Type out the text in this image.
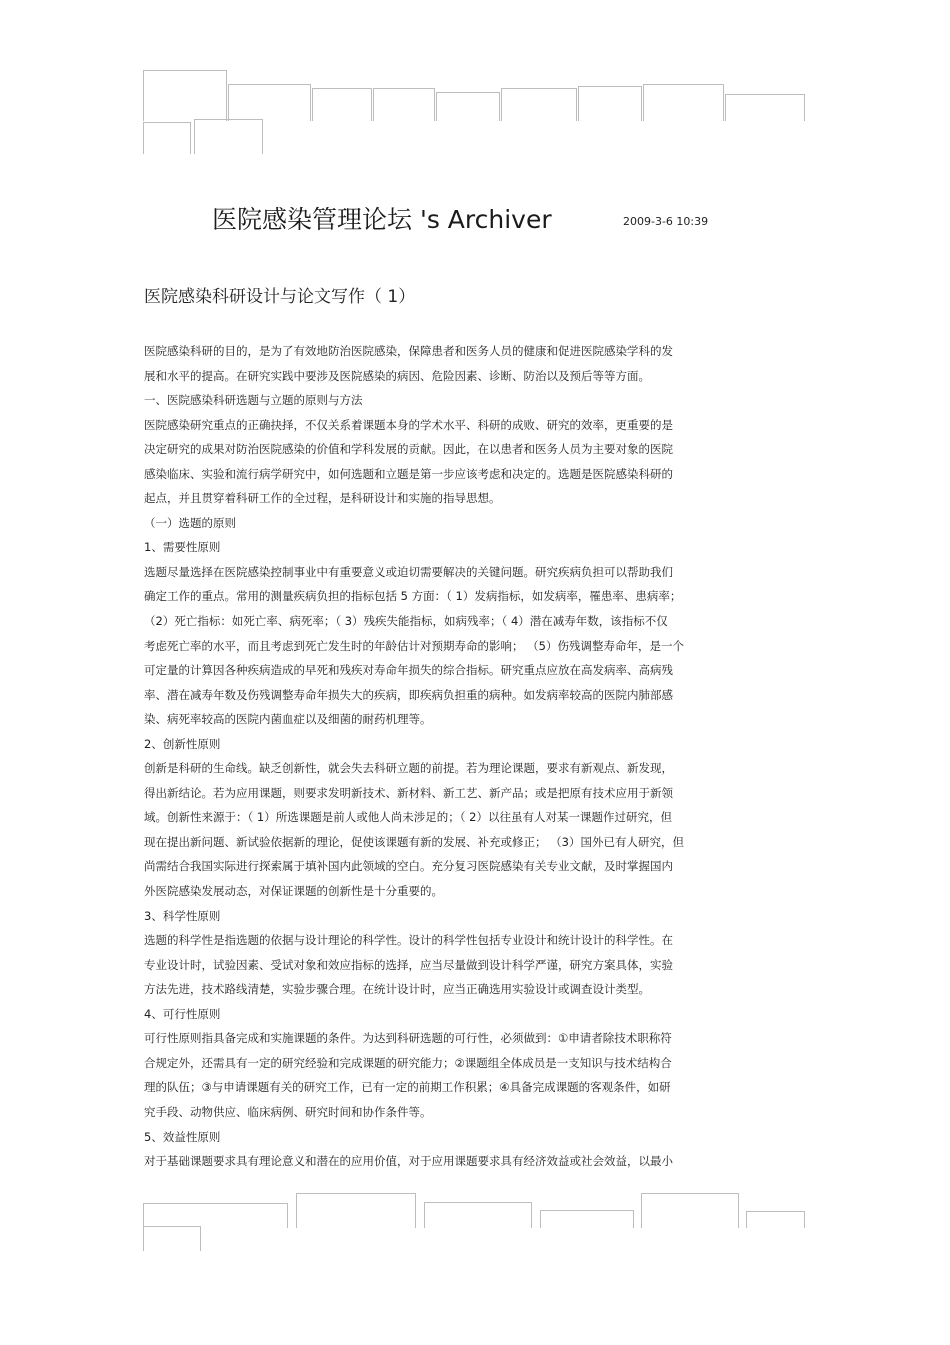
医院感染管理论坛 's Archiver	2009-3-6 10:39
医院感染科研设计与论文写作（ 1）
医院感染科研的目的，是为了有效地防治医院感染，保障患者和医务人员的健康和促进医院感染学科的发
展和水平的提高。在研究实践中要涉及医院感染的病因、危险因素、诊断、防治以及预后等等方面。
一、医院感染科研选题与立题的原则与方法
医院感染研究重点的正确抉择，不仅关系着课题本身的学术水平、科研的成败、研究的效率，更重要的是
决定研究的成果对防治医院感染的价值和学科发展的贡献。因此，在以患者和医务人员为主要对象的医院
感染临床、实验和流行病学研究中，如何选题和立题是第一步应该考虑和决定的。选题是医院感染科研的
起点，并且贯穿着科研工作的全过程，是科研设计和实施的指导思想。
（一）选题的原则
1、需要性原则
选题尽量选择在医院感染控制事业中有重要意义或迫切需要解决的关键问题。研究疾病负担可以帮助我们
确定工作的重点。常用的测量疾病负担的指标包括 5 方面：（ 1）发病指标，如发病率，罹患率、患病率；
（2）死亡指标：如死亡率、病死率；（ 3）残疾失能指标，如病残率；（ 4）潜在减寿年数，该指标不仅
考虑死亡率的水平，而且考虑到死亡发生时的年龄估计对预期寿命的影响； （5）伤残调整寿命年，是一个
可定量的计算因各种疾病造成的早死和残疾对寿命年损失的综合指标。研究重点应放在高发病率、高病残
率、潜在减寿年数及伤残调整寿命年损失大的疾病，即疾病负担重的病种。如发病率较高的医院内肺部感
染、病死率较高的医院内菌血症以及细菌的耐药机理等。
2、创新性原则
创新是科研的生命线。缺乏创新性，就会失去科研立题的前提。若为理论课题，要求有新观点、新发现，
得出新结论。若为应用课题，则要求发明新技术、新材料、新工艺、新产品；或是把原有技术应用于新领
域。创新性来源于：（ 1）所选课题是前人或他人尚未涉足的；（ 2）以往虽有人对某一课题作过研究，但
现在提出新问题、新试验依据新的理论，促使该课题有新的发展、补充或修正； （3）国外已有人研究，但
尚需结合我国实际进行探索属于填补国内此领域的空白。充分复习医院感染有关专业文献，及时掌握国内
外医院感染发展动态，对保证课题的创新性是十分重要的。
3、科学性原则
选题的科学性是指选题的依据与设计理论的科学性。设计的科学性包括专业设计和统计设计的科学性。在
专业设计时，试验因素、受试对象和效应指标的选择，应当尽量做到设计科学严谨，研究方案具体，实验
方法先进，技术路线清楚，实验步骤合理。在统计设计时，应当正确选用实验设计或调查设计类型。
4、可行性原则
可行性原则指具备完成和实施课题的条件。为达到科研选题的可行性，必须做到：①申请者除技术职称符
合规定外，还需具有一定的研究经验和完成课题的研究能力；②课题组全体成员是一支知识与技术结构合
理的队伍；③与申请课题有关的研究工作，已有一定的前期工作积累；④具备完成课题的客观条件，如研
究手段、动物供应、临床病例、研究时间和协作条件等。
5、效益性原则
对于基础课题要求具有理论意义和潜在的应用价值，对于应用课题要求具有经济效益或社会效益，以最小
